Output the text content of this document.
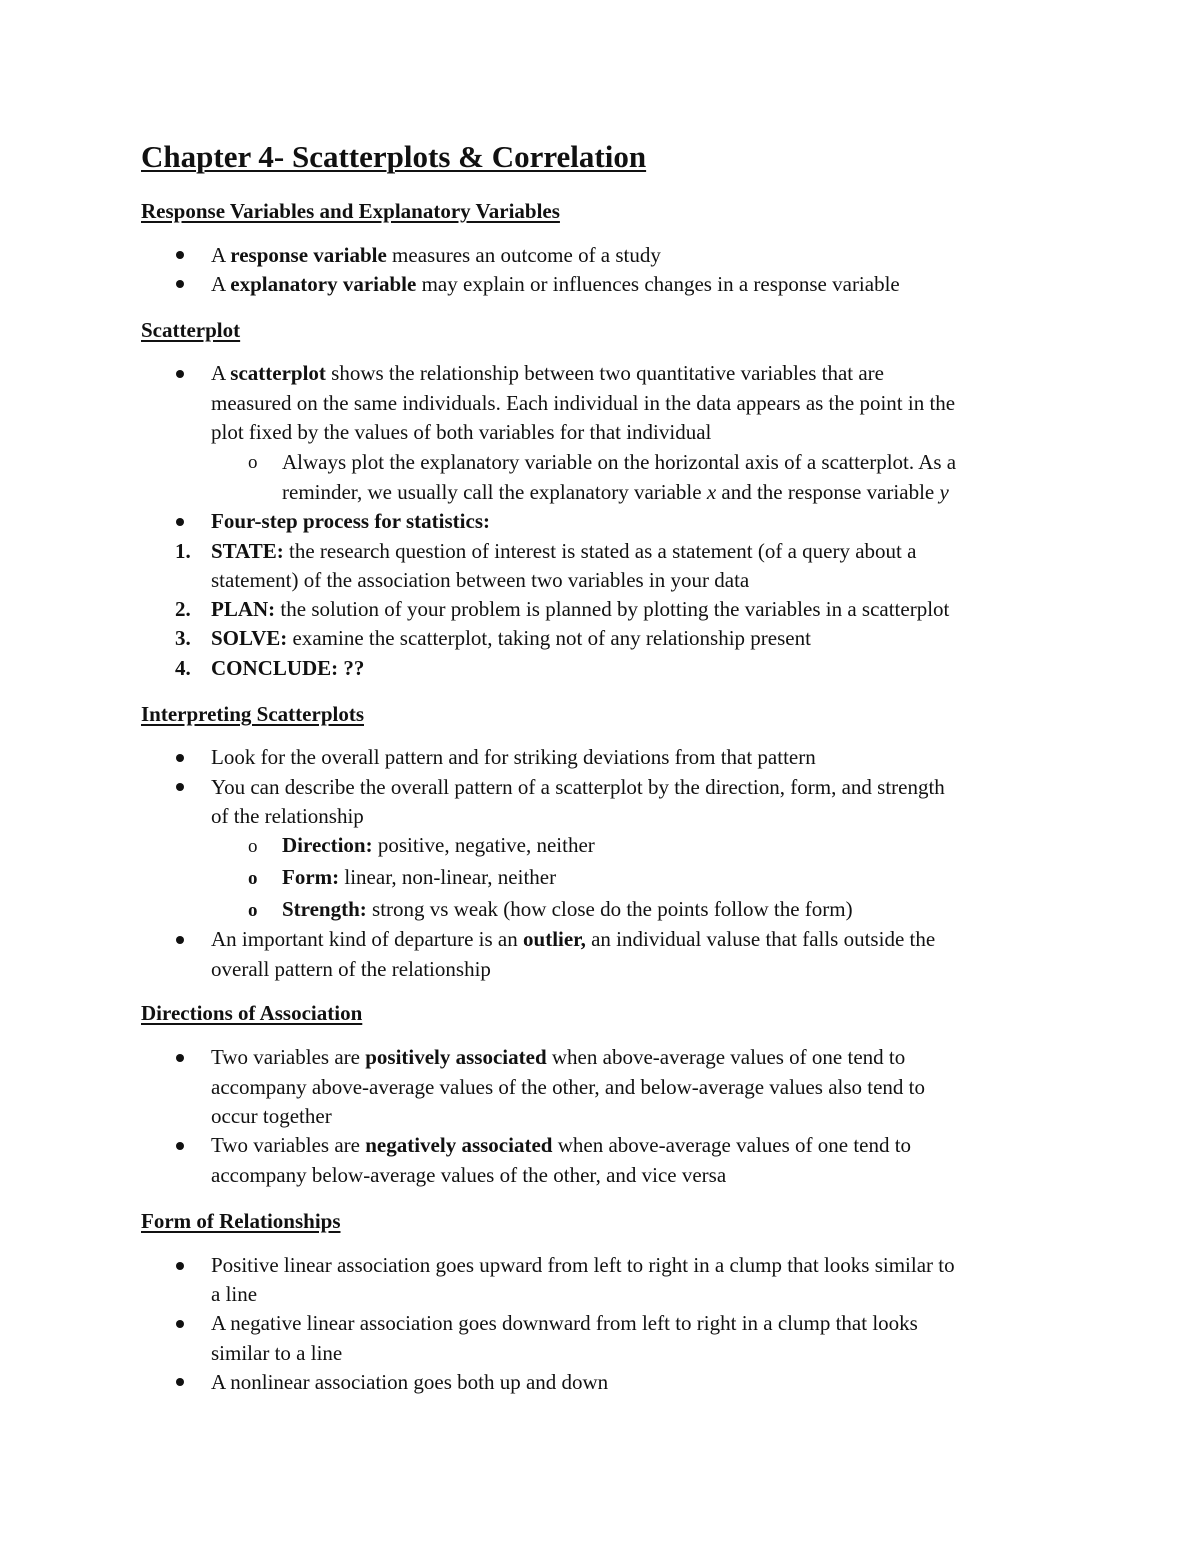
Chapter 4- Scatterplots & Correlation
Response Variables and Explanatory Variables

A response variable measures an outcome of a study

A explanatory variable may explain or influences changes in a response variable

Scatterplot

A scatterplot shows the relationship between two quantitative variables that are

measured on the same individuals. Each individual in the data appears as the point in the

plot fixed by the values of both variables for that individual

o Always plot the explanatory variable on the horizontal axis of a scatterplot. As a

reminder, we usually call the explanatory variable x and the response variable y

Four-step process for statistics:

1. STATE: the research question of interest is stated as a statement (of a query about a

statement) of the association between two variables in your data

2. PLAN: the solution of your problem is planned by plotting the variables in a scatterplot

3. SOLVE: examine the scatterplot, taking not of any relationship present

4. CONCLUDE: ??

Interpreting Scatterplots

Look for the overall pattern and for striking deviations from that pattern

You can describe the overall pattern of a scatterplot by the direction, form, and strength

of the relationship

o Direction: positive, negative, neither

o Form: linear, non-linear, neither

o Strength: strong vs weak (how close do the points follow the form)

An important kind of departure is an outlier, an individual valuse that falls outside the

overall pattern of the relationship

Directions of Association

Two variables are positively associated when above-average values of one tend to

accompany above-average values of the other, and below-average values also tend to

occur together

Two variables are negatively associated when above-average values of one tend to

accompany below-average values of the other, and vice versa

Form of Relationships

Positive linear association goes upward from left to right in a clump that looks similar to

a line

A negative linear association goes downward from left to right in a clump that looks

similar to a line

A nonlinear association goes both up and down
